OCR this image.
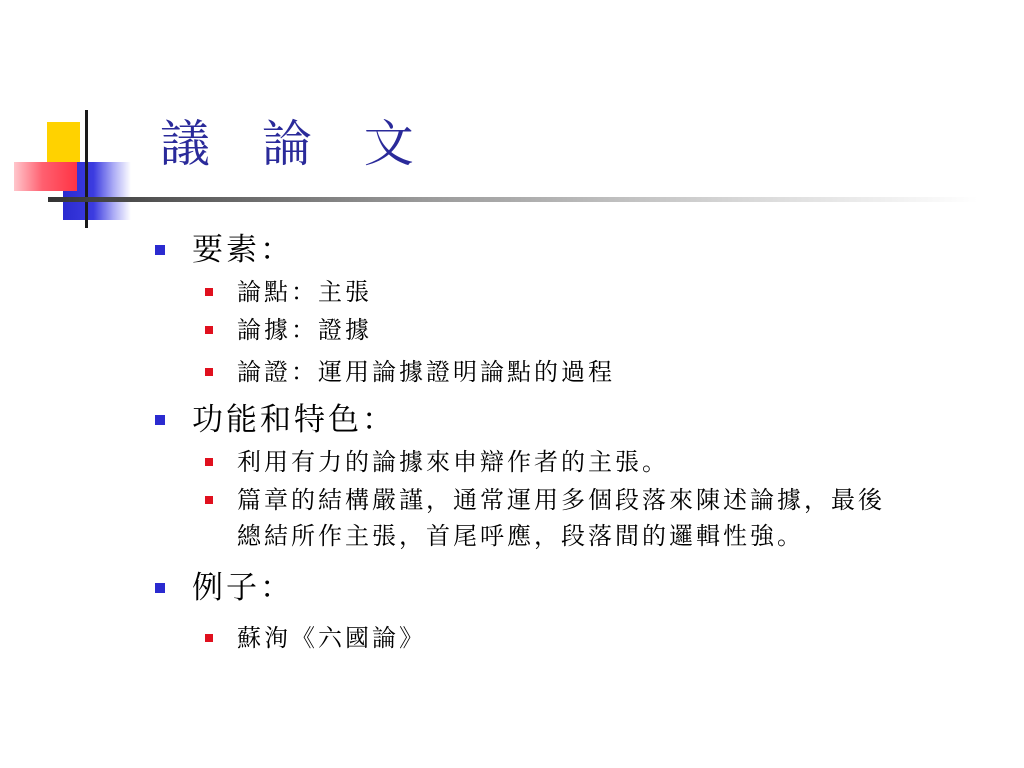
議 論 文
要素：
論點：主張
論據：證據
論證：運用論據證明論點的過程
功能和特色：
利用有力的論據來申辯作者的主張。
篇章的結構嚴謹，通常運用多個段落來陳述論據，最後總結所作主張，首尾呼應，段落間的邏輯性強。
例子：
蘇洵《六國論》
